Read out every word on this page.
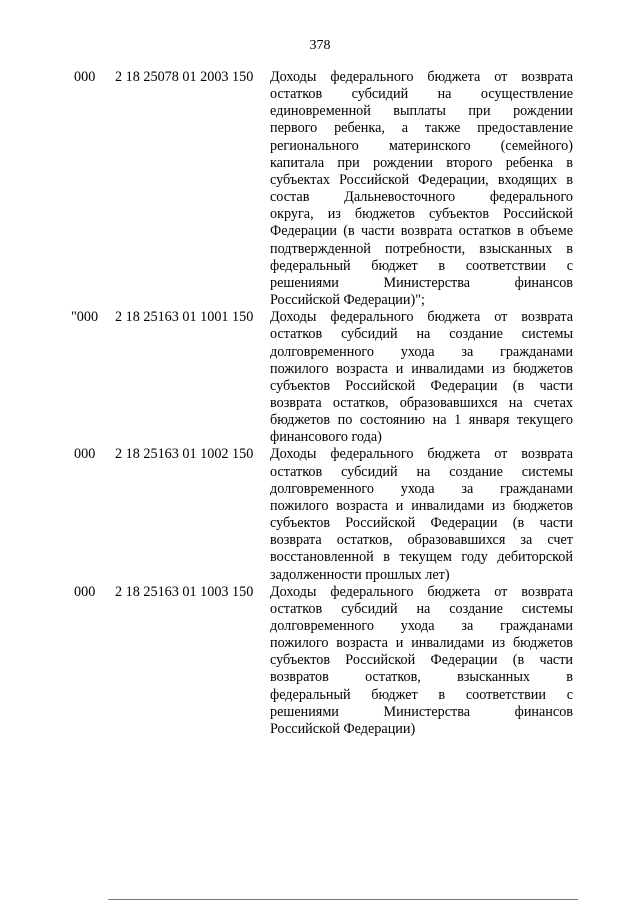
378
000	2 18 25078 01 2003 150	Доходы федерального бюджета от возврата
остатков субсидий на осуществление
единовременной выплаты при рождении
первого ребенка, а также предоставление
регионального материнского (семейного)
капитала при рождении второго ребенка в
субъектах Российской Федерации, входящих в
состав Дальневосточного федерального
округа, из бюджетов субъектов Российской
Федерации (в части возврата остатков в объеме
подтвержденной потребности, взысканных в
федеральный бюджет в соответствии с
решениями Министерства финансов
Российской Федерации)";
"000	2 18 25163 01 1001 150	Доходы федерального бюджета от возврата
остатков субсидий на создание системы
долговременного ухода за гражданами
пожилого возраста и инвалидами из бюджетов
субъектов Российской Федерации (в части
возврата остатков, образовавшихся на счетах
бюджетов по состоянию на 1 января текущего
финансового года)
000	2 18 25163 01 1002 150	Доходы федерального бюджета от возврата
остатков субсидий на создание системы
долговременного ухода за гражданами
пожилого возраста и инвалидами из бюджетов
субъектов Российской Федерации (в части
возврата остатков, образовавшихся за счет
восстановленной в текущем году дебиторской
задолженности прошлых лет)
000	2 18 25163 01 1003 150	Доходы федерального бюджета от возврата
остатков субсидий на создание системы
долговременного ухода за гражданами
пожилого возраста и инвалидами из бюджетов
субъектов Российской Федерации (в части
возвратов остатков, взысканных в
федеральный бюджет в соответствии с
решениями Министерства финансов
Российской Федерации)
